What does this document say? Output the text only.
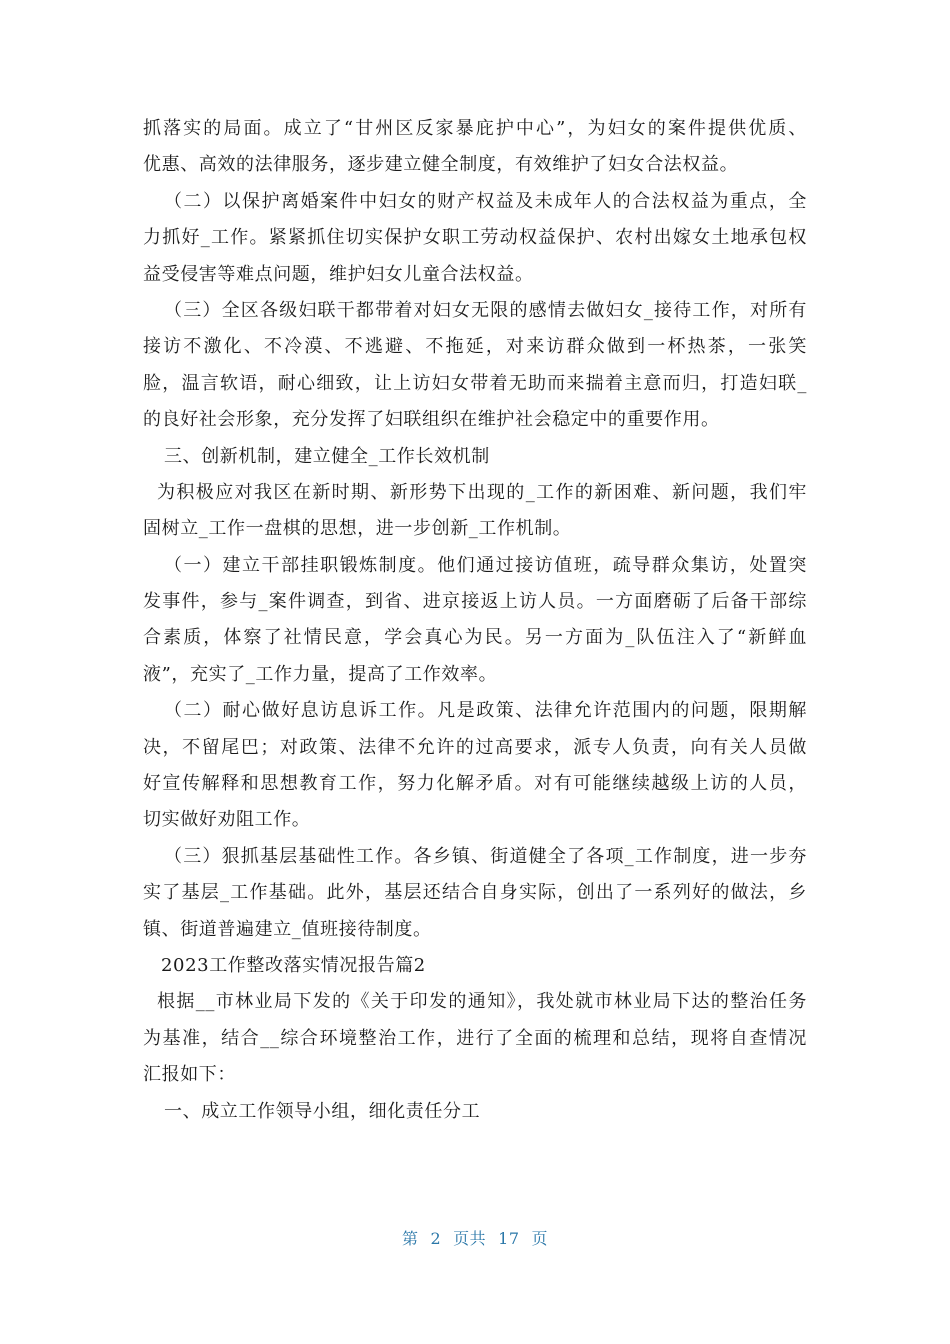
抓落实的局面。成立了“甘州区反家暴庇护中心”，为妇女的案件提供优质、
优惠、高效的法律服务，逐步建立健全制度，有效维护了妇女合法权益。
（二）以保护离婚案件中妇女的财产权益及未成年人的合法权益为重点，全
力抓好_工作。紧紧抓住切实保护女职工劳动权益保护、农村出嫁女土地承包权
益受侵害等难点问题，维护妇女儿童合法权益。
（三）全区各级妇联干都带着对妇女无限的感情去做妇女_接待工作，对所有
接访不激化、不冷漠、不逃避、不拖延，对来访群众做到一杯热茶，一张笑
脸，温言软语，耐心细致，让上访妇女带着无助而来揣着主意而归，打造妇联_
的良好社会形象，充分发挥了妇联组织在维护社会稳定中的重要作用。
三、创新机制，建立健全_工作长效机制
为积极应对我区在新时期、新形势下出现的_工作的新困难、新问题，我们牢
固树立_工作一盘棋的思想，进一步创新_工作机制。
（一）建立干部挂职锻炼制度。他们通过接访值班，疏导群众集访，处置突
发事件，参与_案件调查，到省、进京接返上访人员。一方面磨砺了后备干部综
合素质，体察了社情民意，学会真心为民。另一方面为_队伍注入了“新鲜血
液”，充实了_工作力量，提高了工作效率。
（二）耐心做好息访息诉工作。凡是政策、法律允许范围内的问题，限期解
决，不留尾巴；对政策、法律不允许的过高要求，派专人负责，向有关人员做
好宣传解释和思想教育工作，努力化解矛盾。对有可能继续越级上访的人员，
切实做好劝阻工作。
（三）狠抓基层基础性工作。各乡镇、街道健全了各项_工作制度，进一步夯
实了基层_工作基础。此外，基层还结合自身实际，创出了一系列好的做法，乡
镇、街道普遍建立_值班接待制度。
2023工作整改落实情况报告篇2
根据__市林业局下发的《关于印发的通知》，我处就市林业局下达的整治任务
为基准，结合__综合环境整治工作，进行了全面的梳理和总结，现将自查情况
汇报如下：
一、成立工作领导小组，细化责任分工
第 2 页共 17 页
